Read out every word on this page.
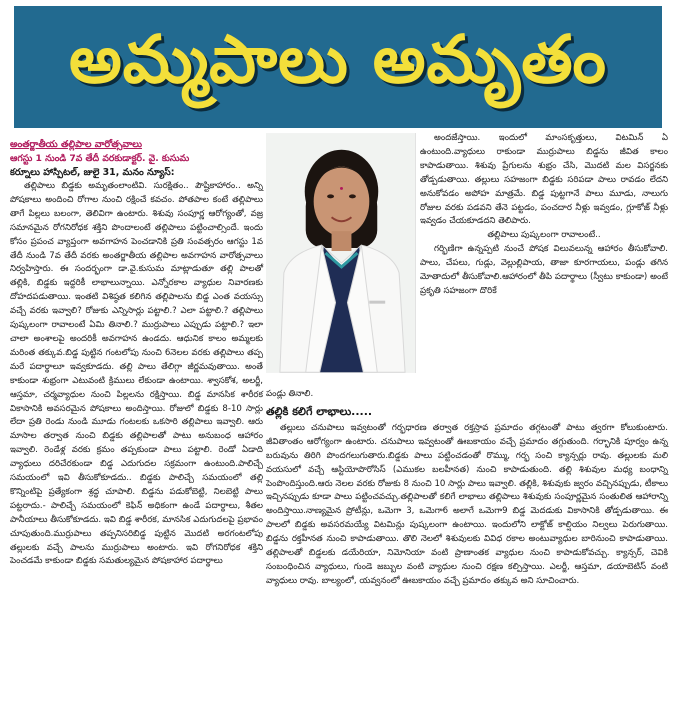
అమ్మపాలు అమృతం
అంతర్జాతీయ తల్లిపాల వారోత్సవాలు
ఆగస్టు 1 నుండి 7వ తేదీ వరకుడాక్టర్. వై. కుసుమ
కర్నూలు హాస్పిటల్, జులై 31, మనం న్యూస్:

తల్లిపాలు బిడ్డకు అమృతంలాంటివి. సురక్షితం.. పౌష్టికాహారం.. అన్ని పోషకాలు అందించి రోగాల నుంచి రక్షించే కవచం. పోతపాల కంటే తల్లిపాలు తాగే పిల్లలు బలంగా, తెలివిగా ఉంటారు. శిశువు సంపూర్ణ ఆరోగ్యంతో, వజ్ర సమానమైన రోగనిరోధక శక్తిని పొందాలంటే తల్లిపాలు పట్టించాల్సిందే. ఇందు కోసం ప్రపంచ వ్యాప్తంగా అవగాహన పెంచడానికి ప్రతి సంవత్సరం ఆగస్టు 1వ తేదీ నుండి 7వ తేదీ వరకు అంతర్జాతీయ తల్లిపాల అవగాహన వారోత్సవాలు నిర్వహిస్తారు. ఈ సందర్భంగా డా.వై.కుసుమ మాట్లాడుతూ తల్లి పాలతో తల్లికి, బిడ్డకు ఇద్దరికీ లాభాలున్నాయి. ఎన్నోరకాల వ్యాధుల నివారణకు దోహదపడుతాయి. ఇంతటి విశిష్ఠత కలిగిన తల్లిపాలను బిడ్డ ఎంత వయస్సు వచ్చే వరకు ఇవ్వాలి? రోజుకు ఎన్నిసార్లు పట్టాలి.? ఎలా పట్టాలి.? తల్లిపాలు పుష్కలంగా రావాలంటే ఏమి తినాలి.? ముర్రుపాలు ఎప్పుడు పట్టాలి.? ఇలా చాలా అంశాలపై అందరికీ అవగాహన ఉండదు. ఆధునిక కాలం అమ్మలకు మరింత తక్కువ.బిడ్డ పుట్టిన గంటలోపు నుంచి 6నెలల వరకు తల్లిపాలు తప్ప మరే పదార్థాలూ ఇవ్వకూడదు. తల్లి పాలు తేలిగ్గా జీర్ణమవుతాయి. అంతే కాకుండా శుభ్రంగా ఎటువంటి క్రిములు లేకుండా ఉంటాయి. శ్వాసకోశ, అలర్జీ, ఆస్తమా, చర్మవ్యాధుల నుంచి పిల్లలను రక్షిస్తాయి. బిడ్డ మానసిక శారీరక వికాసానికి అవసరమైన పోషకాలు అందిస్తాయి. రోజులో బిడ్డకు 8-10 సార్లు లేదా ప్రతి రెండు నుండి మూడు గంటలకు ఒకసారి తల్లిపాలు ఇవ్వాలి. ఆరు మాసాల తర్వాత నుంచి బిడ్డకు తల్లిపాలతో పాటు అనుబంధ ఆహారం ఇవ్వాలి. రెండేళ్ల వరకు క్రమం తప్పకుండా పాలు పట్టాలి. రెండో ఏడాది వ్యాధులు దరిచేరకుండా బిడ్డ ఎదుగుదల సక్రమంగా ఉంటుంది.పాలిచ్చే సమయంలో ఇవి తీసుకోకూడదు.. బిడ్డకు పాలిచ్చే సమయంలో తల్లి కొన్నింటిపై ప్రత్యేకంగా శ్రద్ధ చూపాలి. బిడ్డను పడుకోబెట్టి, నిలబెట్టి పాలు పట్టరాదు.- పాలిచ్చే సమయంలో కెఫిన్ అధికంగా ఉండే పదార్థాలు, శీతల పానీయాలు తీసుకోకూడదు. ఇవి బిడ్డ శారీరక, మానసిక ఎదుగుదలపై ప్రభావం చూపుతుంది.ముర్రుపాలు తప్పనిసరిబిడ్డ పుట్టిన మొదటి అరగంటలోపు తల్లులకు వచ్చే పాలను ముర్రుపాలు అంటారు. ఇవి రోగనిరోధక శక్తిని పెంచడమే కాకుండా బిడ్డకు సమతుల్యమైన పోషకాహార పదార్థాలు

అందజేస్తాయి. ఇందులో మాంసకృత్తులు, విటమిన్ ఏ ఉంటుంది.వ్యాధులు రాకుండా ముర్రుపాలు బిడ్డను జీవిత కాలం కాపాడుతాయి. శిశువు ప్రేగులను శుభ్రం చేసి, మొదటి మల విసర్జనకు తోడ్పడుతాయి. తల్లులు సహజంగా బిడ్డకు సరిపడా పాలు రావడం లేదని అనుకోవడం అపోహ మాత్రమే. బిడ్డ పుట్టగానే పాలు మూడు, నాలుగు రోజుల వరకు పడవని తేనె పట్టడం, పంచదార నీళ్లు ఇవ్వడం, గ్లూకోజ్ నీళ్లు ఇవ్వడం చేయకూడదని తెలిపారు.

తల్లిపాలు పుష్కలంగా రావాలంటే..

గర్భిణిగా ఉన్నప్పటి నుంచే పోషక విలువలున్న ఆహారం తీసుకోవాలి. పాలు, చేపలు, గుడ్లు, వెల్లుల్లిపాయ, తాజా కూరగాయలు, పండ్లు తగిన మోతాదులో తీసుకోవాలి.ఆహారంలో తీపి పదార్థాలు (స్వీటు కాకుండా) అంటే ప్రకృతి సహజంగా దొరికే

పండ్లు తినాలి.
తల్లికి కలిగే లాభాలు.....

తల్లులు చనుపాలు ఇవ్వటంతో గర్భధారణ తర్వాత రక్తస్రావ ప్రమాదం తగ్గటంతో పాటు త్వరగా కోలుకుంటారు. జీవితాంతం ఆరోగ్యంగా ఉంటారు. చనుపాలు ఇవ్వటంతో ఊబకాయం వచ్చే ప్రమాదం తగ్గుతుంది. గర్భానికి పూర్వం ఉన్న బరువును తిరిగి పొందగలుగుతారు.బిడ్డకు పాలు పట్టించడంతో రొమ్ము, గర్భ సంచి క్యాన్సర్లు రావు. తల్లులకు మలి వయసులో వచ్చే ఆస్టియోపొరోసిస్ (ఎముకల బలహీనత) నుంచి కాపాడుతుంది. తల్లి శిశువుల మధ్య బంధాన్ని పెంపొందిస్తుంది.ఆరు నెలల వరకు రోజుకు 8 నుంచి 10 సార్లు పాలు ఇవ్వాలి. తల్లికి, శిశువుకు జ్వరం వచ్చినప్పుడు, టీకాలు ఇచ్చినప్పుడు కూడా పాలు పట్టించవచ్చు.తల్లిపాలతో కలిగే లాభాలు తల్లిపాలు శిశువుకు సంపూర్ణమైన సంతులిత ఆహారాన్ని అందిస్తాయి.నాణ్యమైన ప్రోటీన్లు, ఒమెగా 3, ఒమెగా6 అలాగే ఒమెగా9 బిడ్డ మెదడుకు వికాసానికి తోడ్పడుతాయి. ఈ పాలలో బిడ్డకు అవసరమయ్యే విటమిన్లు పుష్కలంగా ఉంటాయి. ఇందులోని లాక్టోజ్ కాల్షియం నిల్వలు పెరుగుతాయి. బిడ్డను రక్తహీనత నుంచి కాపాడుతాయి. తొలి నెలలో శిశువులకు వివిధ రకాల అంటువ్యాధుల బారినుంచి కాపాడుతాయి. తల్లిపాలతో బిడ్డలకు డయేరియా, నిమోనియా వంటి ప్రాణాంతక వ్యాధుల నుంచి కాపాడుకోవచ్చు. క్యాన్సర్, చెవికి సంబంధించిన వ్యాధులు, గుండె జబ్బుల వంటి వ్యాధుల నుంచి రక్షణ కల్పిస్తాయి. ఎలర్జీ, ఆస్తమా, డయాబెటిస్ వంటి వ్యాధులు రావు. బాల్యంలో, యవ్వనంలో ఊబకాయం వచ్చే ప్రమాదం తక్కువ అని సూచించారు.
